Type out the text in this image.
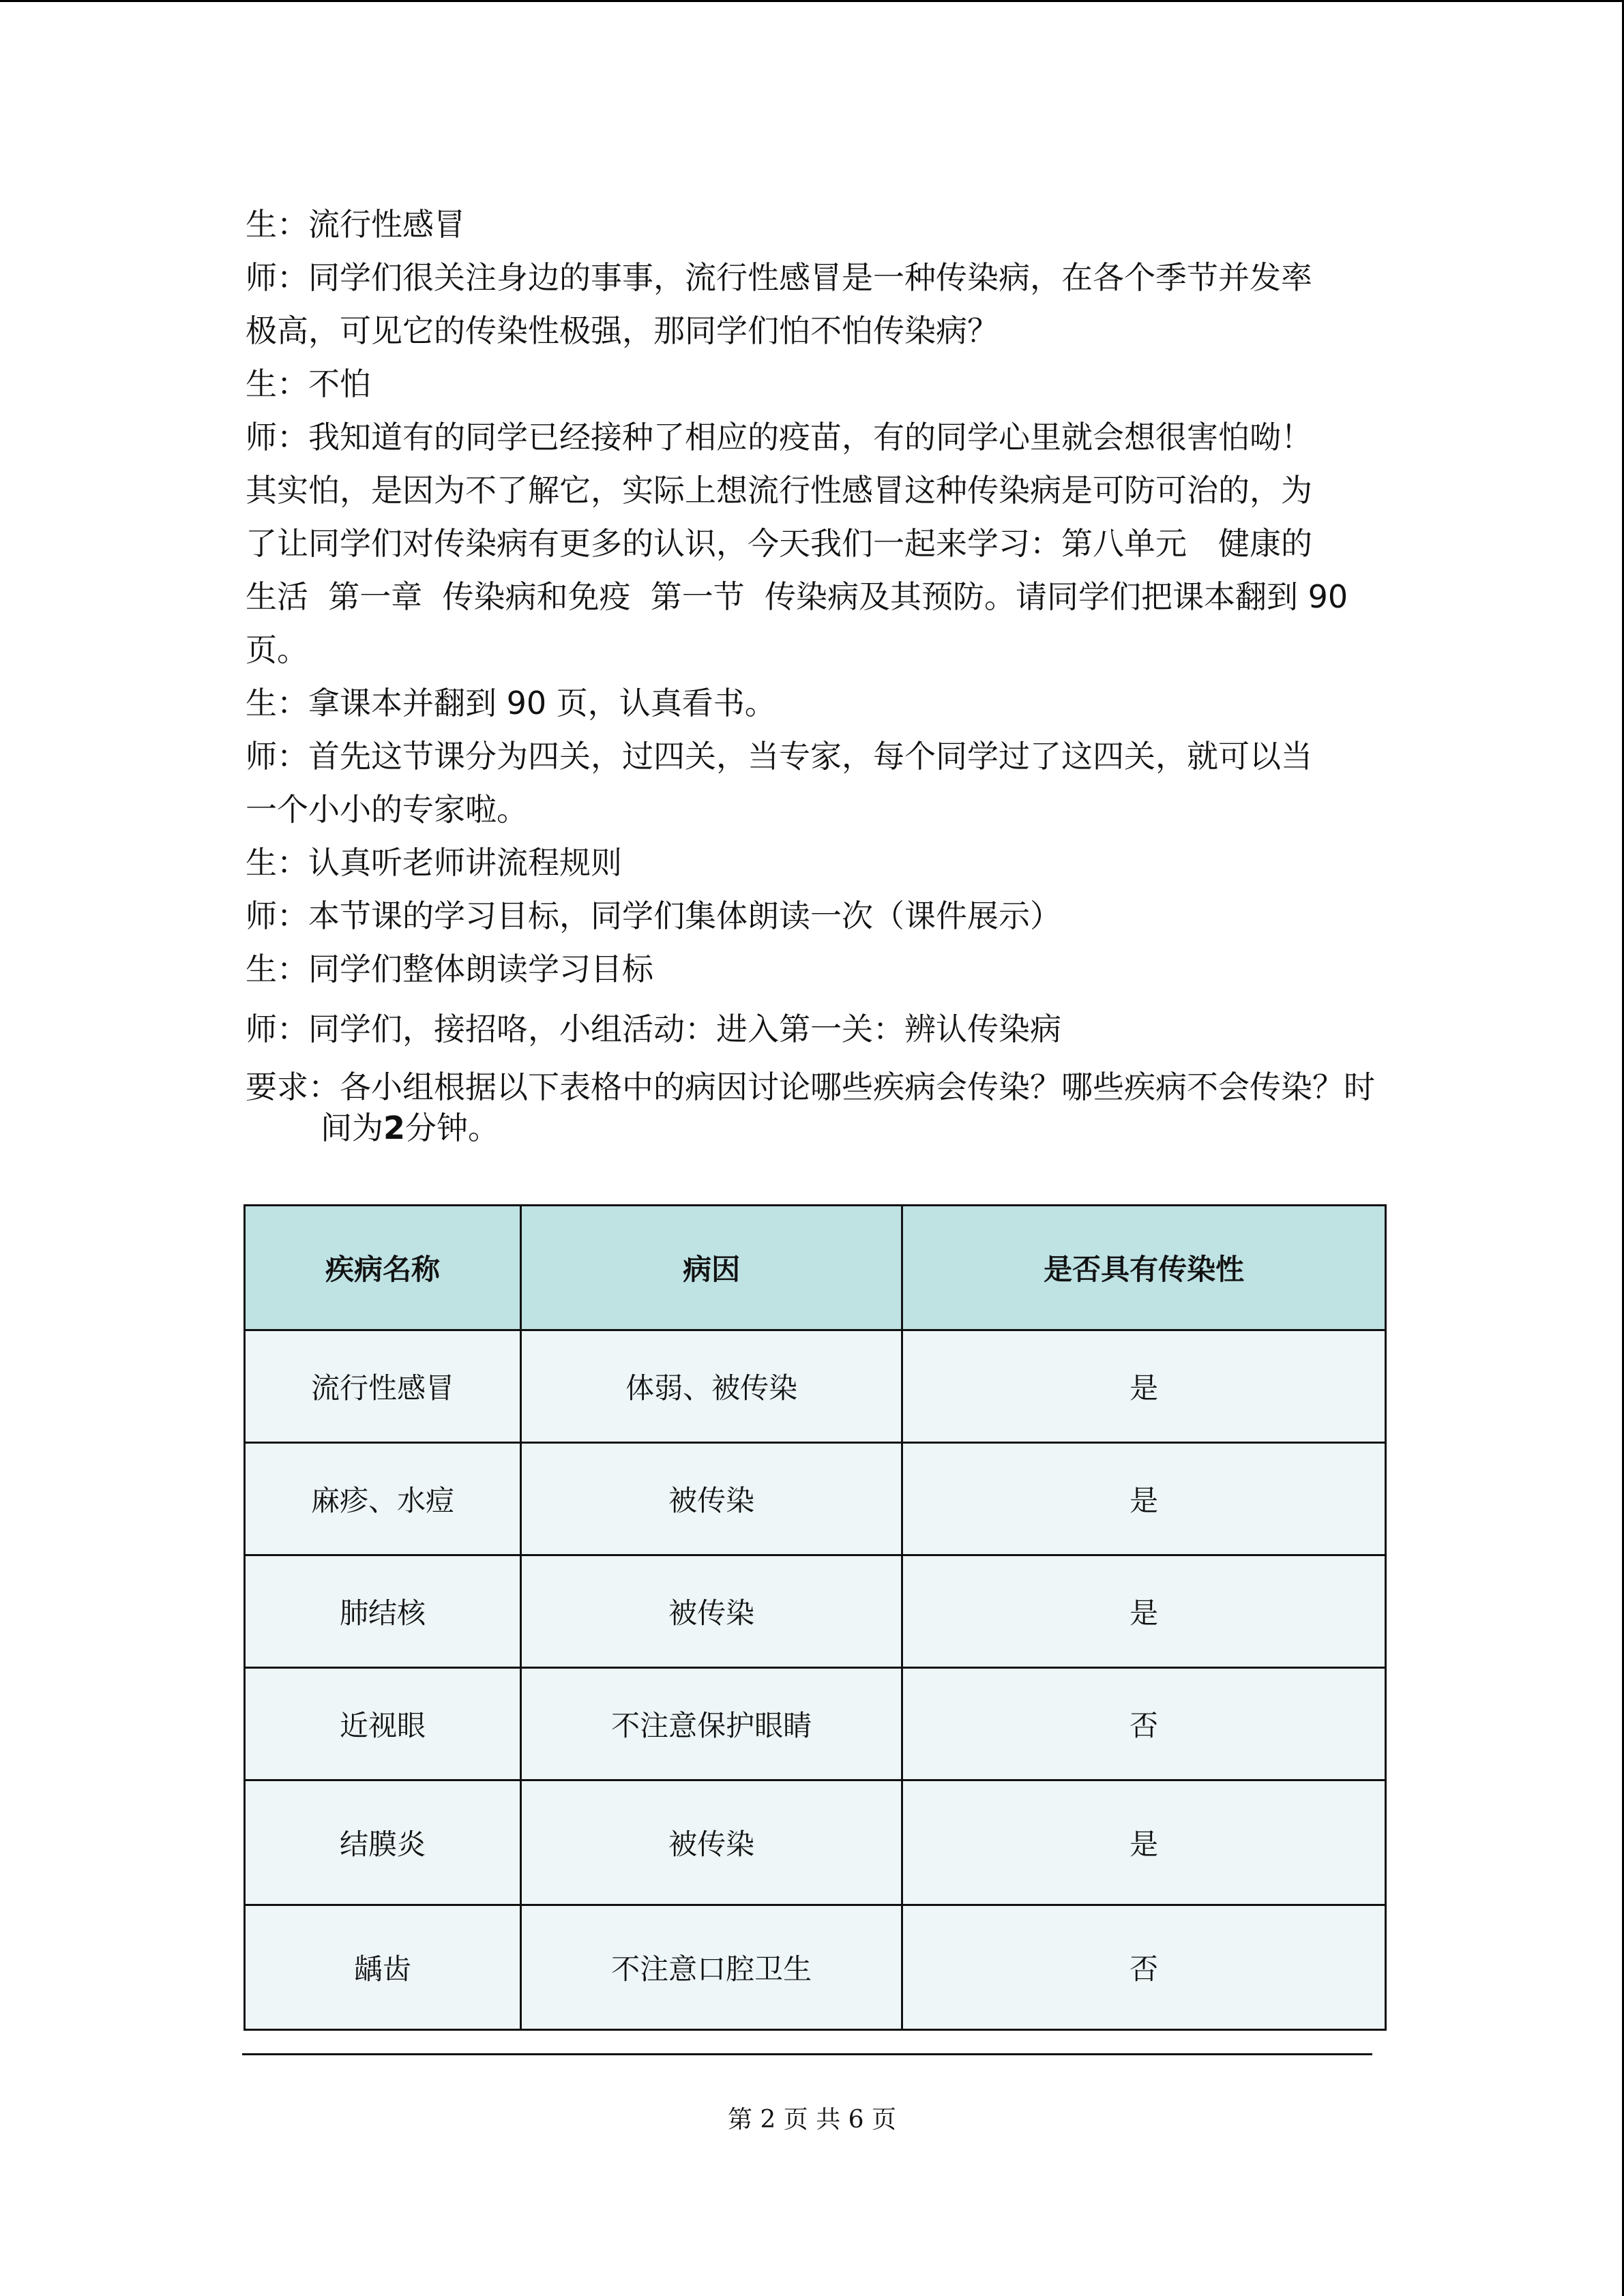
生：流行性感冒

师：同学们很关注身边的事事，流行性感冒是一种传染病，在各个季节并发率

极高，可见它的传染性极强，那同学们怕不怕传染病？

生：不怕

师：我知道有的同学已经接种了相应的疫苗，有的同学心里就会想很害怕呦！

其实怕，是因为不了解它，实际上想流行性感冒这种传染病是可防可治的，为

了让同学们对传染病有更多的认识，今天我们一起来学习：第八单元　健康的

生活  第一章  传染病和免疫  第一节  传染病及其预防。请同学们把课本翻到 90

页。

生：拿课本并翻到 90 页，认真看书。

师：首先这节课分为四关，过四关，当专家，每个同学过了这四关，就可以当

一个小小的专家啦。

生：认真听老师讲流程规则

师：本节课的学习目标，同学们集体朗读一次（课件展示）

生：同学们整体朗读学习目标

师：同学们，接招咯，小组活动：进入第一关：辨认传染病

要求：各小组根据以下表格中的病因讨论哪些疾病会传染？哪些疾病不会传染？时间为2分钟。

疾病名称	病因	是否具有传染性
流行性感冒	体弱、被传染	是
麻疹、水痘	被传染	是
肺结核	被传染	是
近视眼	不注意保护眼睛	否
结膜炎	被传染	是
龋齿	不注意口腔卫生	否
第 2 页 共 6 页
